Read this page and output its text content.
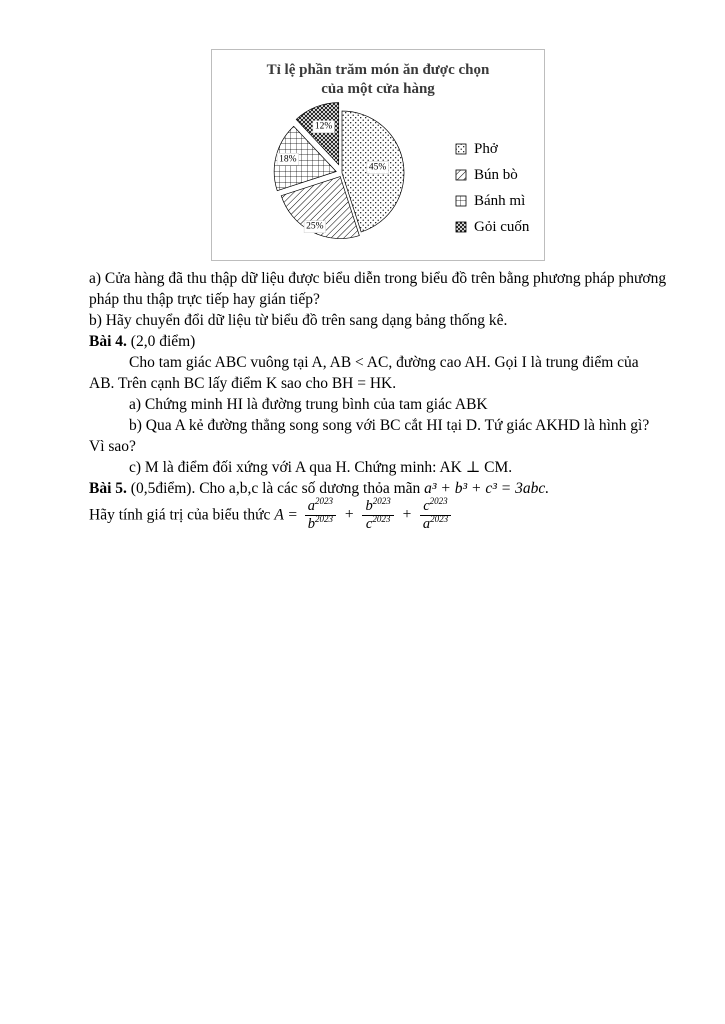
Tỉ lệ phần trăm món ăn được chọn
của một cửa hàng
45%
25%
18%
12%
Phở
Bún bò
Bánh mì
Gỏi cuốn

a) Cửa hàng đã thu thập dữ liệu được biểu diễn trong biểu đồ trên bằng phương pháp phương pháp thu thập trực tiếp hay gián tiếp?

b) Hãy chuyển đổi dữ liệu từ biểu đồ trên sang dạng bảng thống kê.

Bài 4. (2,0 điểm)

Cho tam giác ABC vuông tại A, AB < AC, đường cao AH. Gọi I là trung điểm của AB. Trên cạnh BC lấy điểm K sao cho BH = HK.

a) Chứng minh HI là đường trung bình của tam giác ABK

b) Qua A kẻ đường thẳng song song với BC cắt HI tại D. Tứ giác AKHD là hình gì? Vì sao?

c) M là điểm đối xứng với A qua H. Chứng minh: AK ⊥ CM.

Bài 5. (0,5điểm). Cho a,b,c là các số dương thỏa mãn a³ + b³ + c³ = 3abc.

Hãy tính giá trị của biểu thức $A = \frac{a^{2023}}{b^{2023}} + \frac{b^{2023}}{c^{2023}} + \frac{c^{2023}}{a^{2023}}$
